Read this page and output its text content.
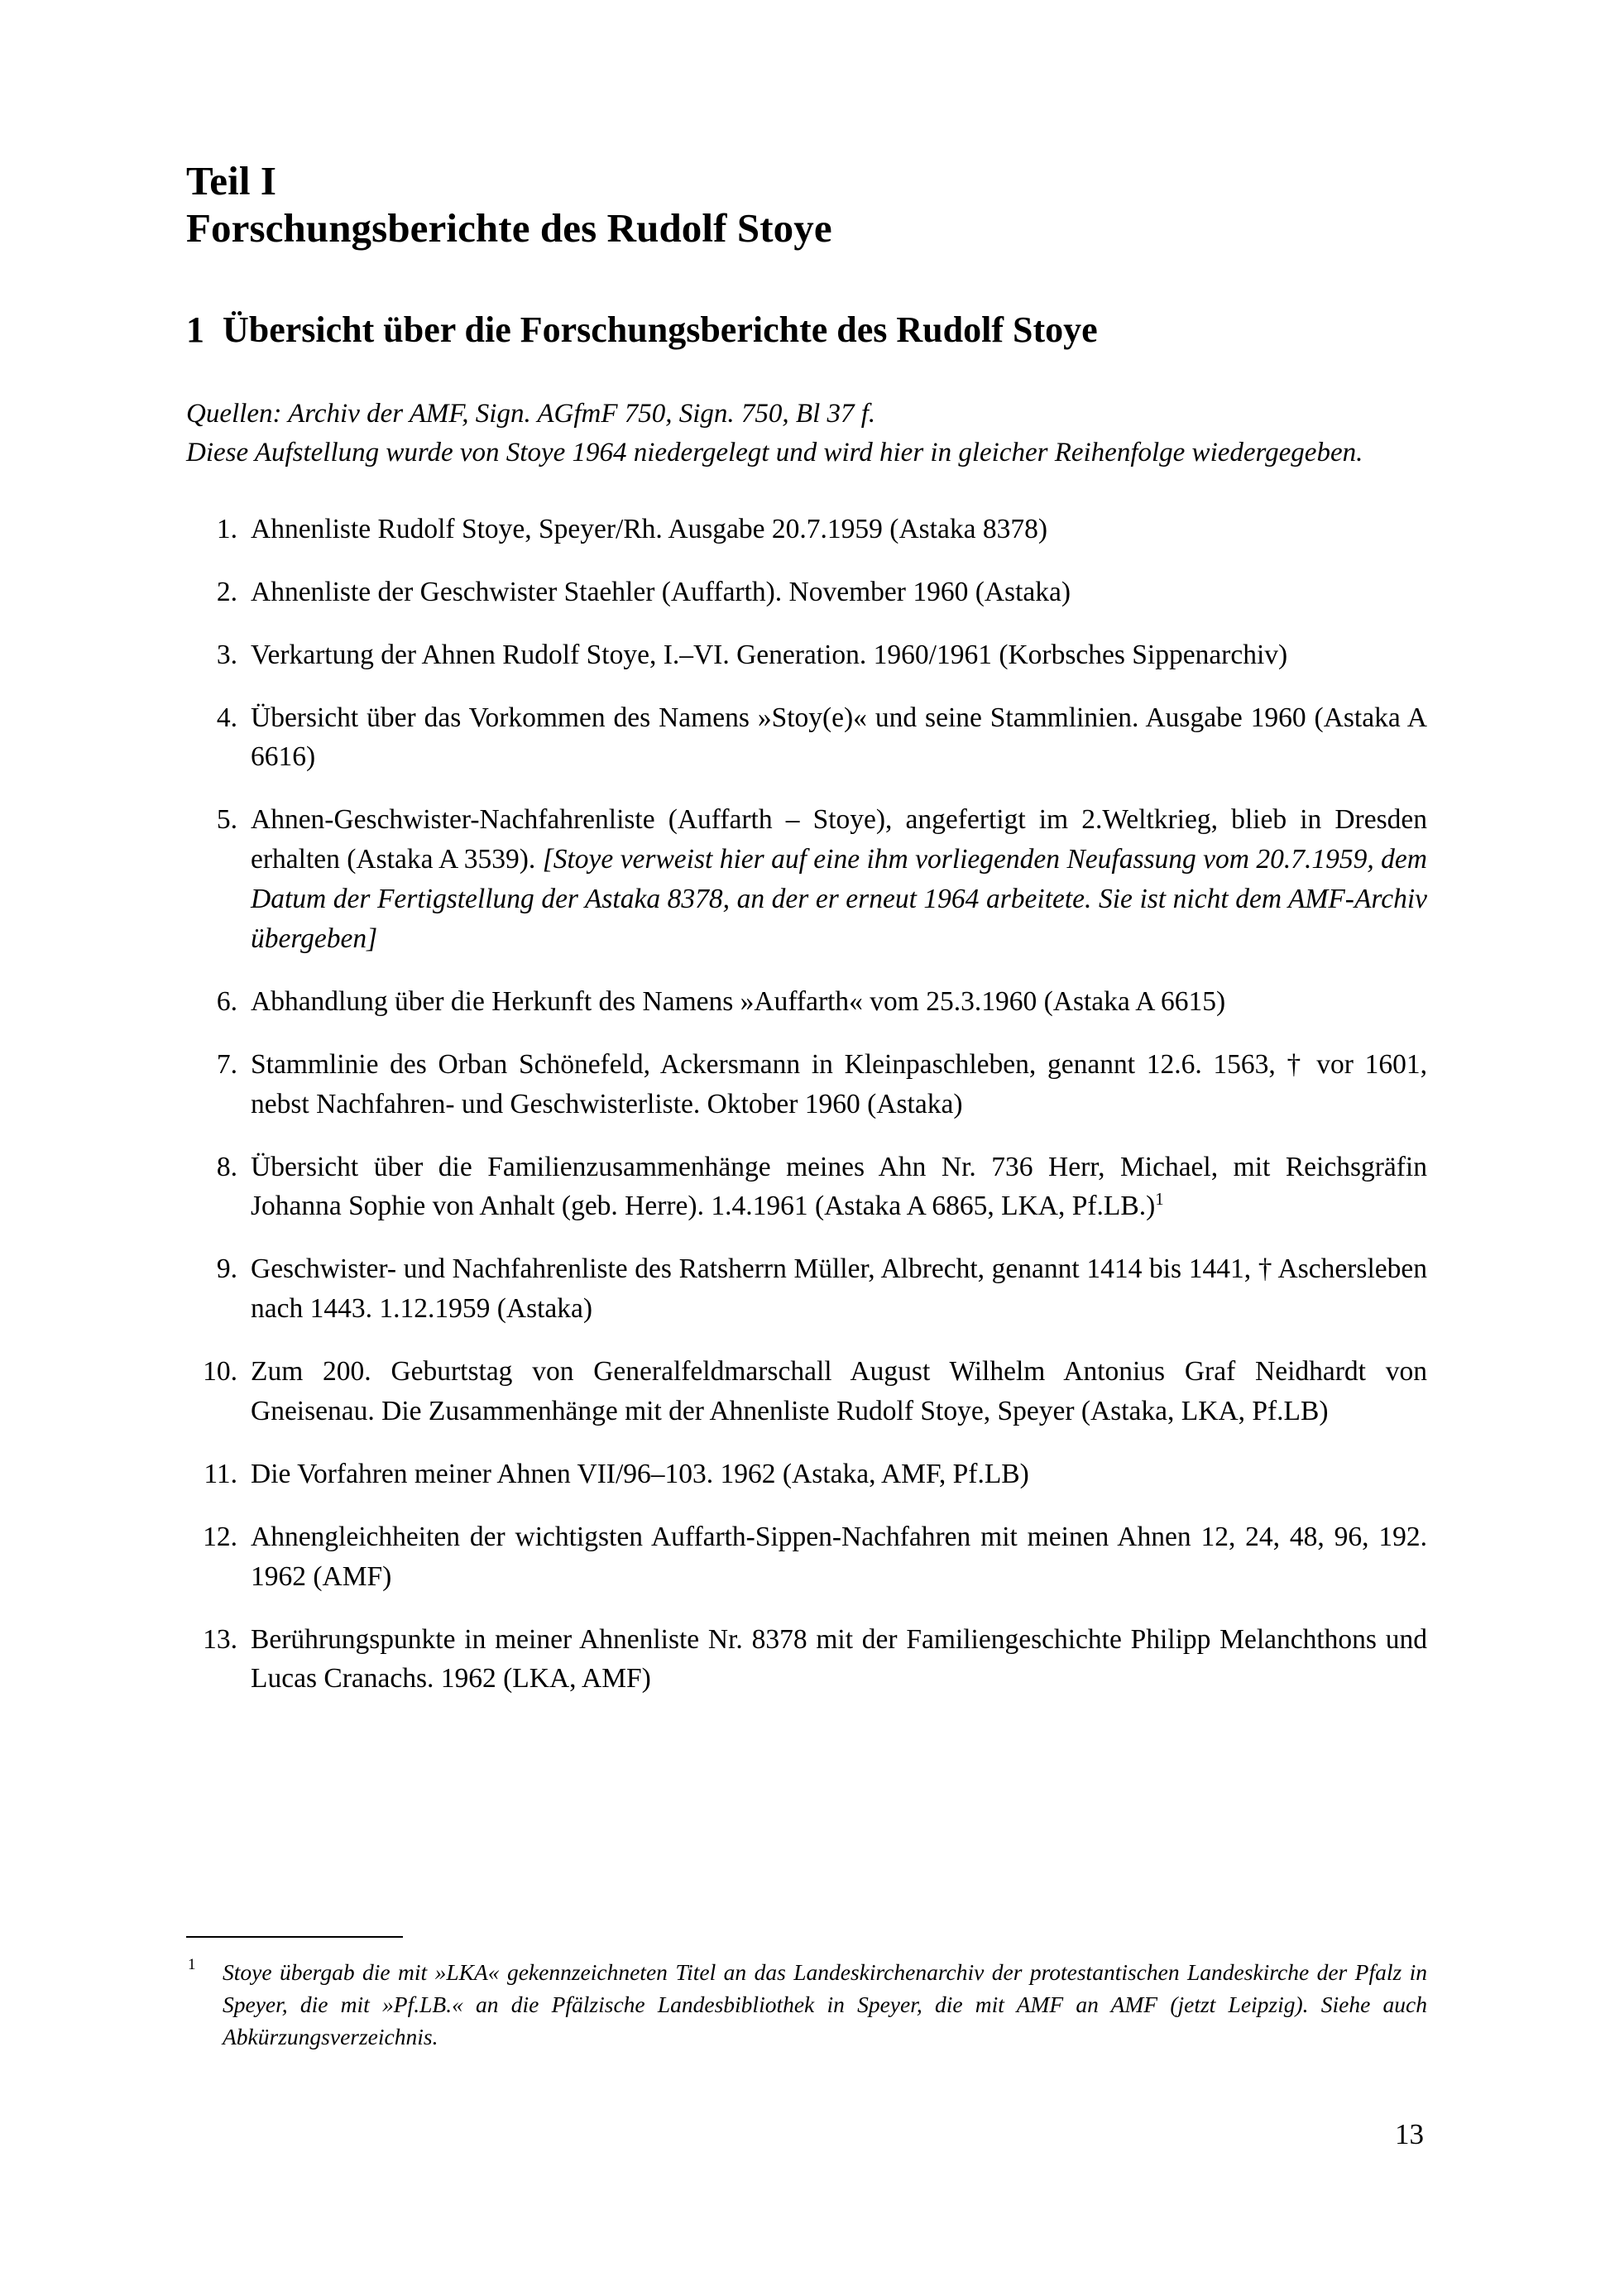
Teil I
Forschungsberichte des Rudolf Stoye
1 Übersicht über die Forschungsberichte des Rudolf Stoye

Quellen: Archiv der AMF, Sign. AGfmF 750, Sign. 750, Bl 37 f.

Diese Aufstellung wurde von Stoye 1964 niedergelegt und wird hier in gleicher Reihenfolge wiedergegeben.

1. Ahnenliste Rudolf Stoye, Speyer/Rh. Ausgabe 20.7.1959 (Astaka 8378)
2. Ahnenliste der Geschwister Staehler (Auffarth). November 1960 (Astaka)
3. Verkartung der Ahnen Rudolf Stoye, I.–VI. Generation. 1960/1961 (Korbsches Sippenarchiv)
4. Übersicht über das Vorkommen des Namens »Stoy(e)« und seine Stammlinien. Ausgabe 1960 (Astaka A 6616)
5. Ahnen-Geschwister-Nachfahrenliste (Auffarth – Stoye), angefertigt im 2.Weltkrieg, blieb in Dresden erhalten (Astaka A 3539). [Stoye verweist hier auf eine ihm vorliegenden Neufassung vom 20.7.1959, dem Datum der Fertigstellung der Astaka 8378, an der er erneut 1964 arbeitete. Sie ist nicht dem AMF-Archiv übergeben]
6. Abhandlung über die Herkunft des Namens »Auffarth« vom 25.3.1960 (Astaka A 6615)
7. Stammlinie des Orban Schönefeld, Ackersmann in Kleinpaschleben, genannt 12.6. 1563, † vor 1601, nebst Nachfahren- und Geschwisterliste. Oktober 1960 (Astaka)
8. Übersicht über die Familienzusammenhänge meines Ahn Nr. 736 Herr, Michael, mit Reichsgräfin Johanna Sophie von Anhalt (geb. Herre). 1.4.1961 (Astaka A 6865, LKA, Pf.LB.)$^1$
9. Geschwister- und Nachfahrenliste des Ratsherrn Müller, Albrecht, genannt 1414 bis 1441, † Aschersleben nach 1443. 1.12.1959 (Astaka)
10. Zum 200. Geburtstag von Generalfeldmarschall August Wilhelm Antonius Graf Neidhardt von Gneisenau. Die Zusammenhänge mit der Ahnenliste Rudolf Stoye, Speyer (Astaka, LKA, Pf.LB)
11. Die Vorfahren meiner Ahnen VII/96–103. 1962 (Astaka, AMF, Pf.LB)
12. Ahnengleichheiten der wichtigsten Auffarth-Sippen-Nachfahren mit meinen Ahnen 12, 24, 48, 96, 192. 1962 (AMF)
13. Berührungspunkte in meiner Ahnenliste Nr. 8378 mit der Familiengeschichte Philipp Melanchthons und Lucas Cranachs. 1962 (LKA, AMF)
1 Stoye übergab die mit »LKA« gekennzeichneten Titel an das Landeskirchenarchiv der protestantischen Landeskirche der Pfalz in Speyer, die mit »Pf.LB.« an die Pfälzische Landesbibliothek in Speyer, die mit AMF an AMF (jetzt Leipzig). Siehe auch Abkürzungsverzeichnis.
13
